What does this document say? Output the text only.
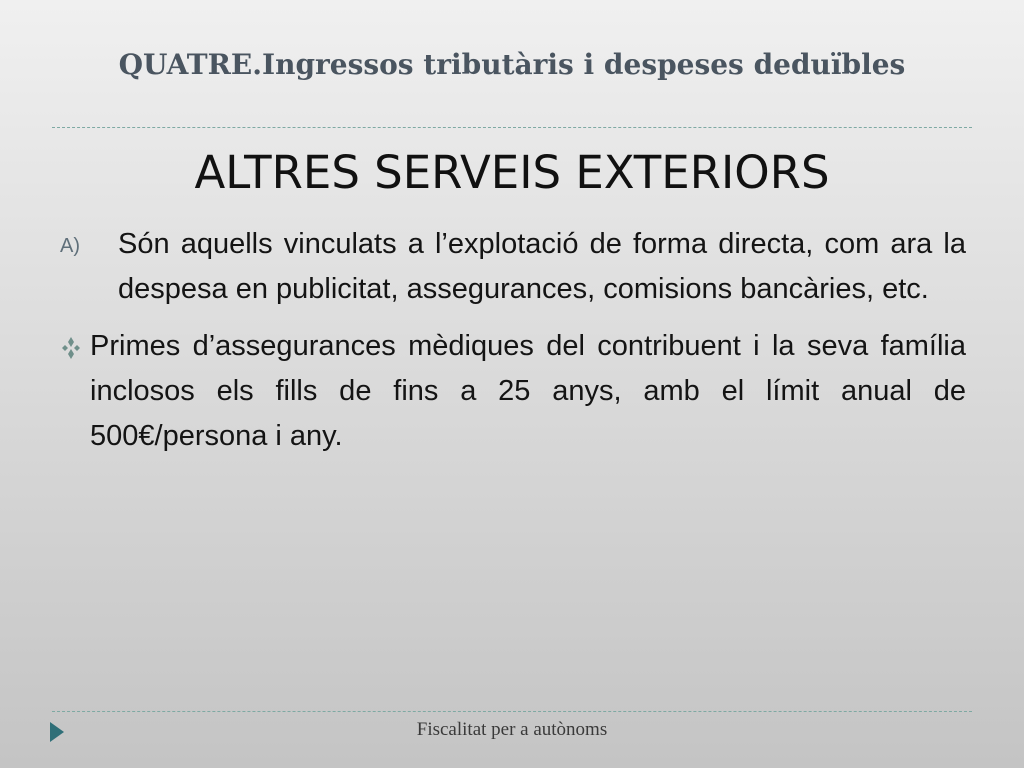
QUATRE.Ingressos tributàris i despeses deduïbles
ALTRES SERVEIS EXTERIORS
A) Són aquells vinculats a l’explotació de forma directa, com ara la despesa en publicitat, assegurances, comisions bancàries, etc.
Primes d’assegurances mèdiques del contribuent i la seva família inclosos els fills de fins a 25 anys, amb el límit anual de 500€/persona i any.
Fiscalitat per a autònoms
